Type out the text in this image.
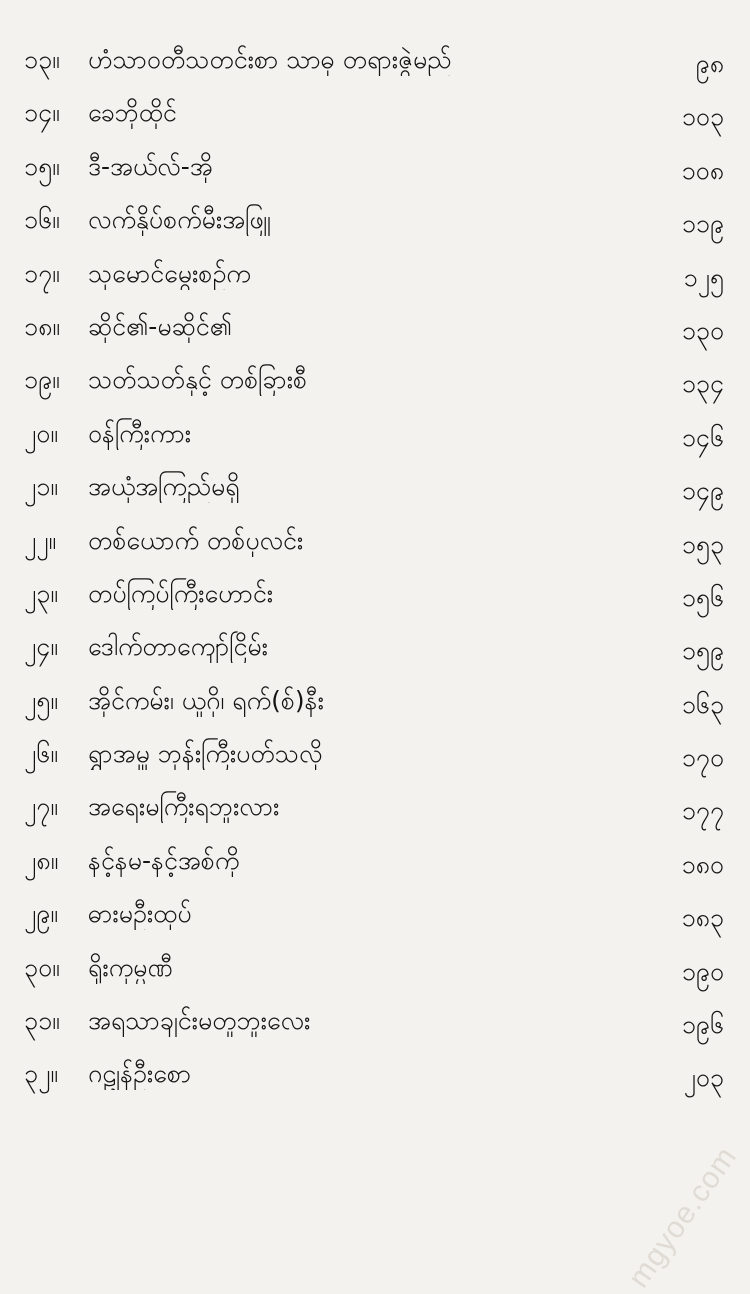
၁၃။	ဟံသာဝတီသတင်းစာ သာဓု တရားဇွဲမည်	၉၈
၁၄။	ခေဘိုထိုင်	၁၀၃
၁၅။	ဒီ-အယ်လ်-အို	၁၀၈
၁၆။	လက်နှိပ်စက်မီးအဖြူ	၁၁၉
၁၇။	သုမောင်မွေးစဉ်က	၁၂၅
၁၈။	ဆိုင်၏-မဆိုင်၏	၁၃၀
၁၉။	သတ်သတ်နှင့် တစ်ခြားစီ	၁၃၄
၂၀။	ဝန်ကြီးကား	၁၄၆
၂၁။	အယုံအကြည်မရှိ	၁၄၉
၂၂။	တစ်ယောက် တစ်ပုလင်း	၁၅၃
၂၃။	တပ်ကြပ်ကြီးဟောင်း	၁၅၆
၂၄။	ဒေါက်တာကျော်ငြိမ်း	၁၅၉
၂၅။	အိုင်ကမ်း၊ ယူဂို၊ ရက်(စ်)နီး	၁၆၃
၂၆။	ရွှာအမှူ ဘုန်းကြီးပတ်သလို	၁၇၀
၂၇။	အရေးမကြီးရဘူးလား	၁၇၇
၂၈။	နင့်နမ-နင့်အစ်ကို	၁၈၀
၂၉။	ဓားမဦးထုပ်	၁၈၃
၃၀။	ရိုးကုမ္ပဏီ	၁၉၀
၃၁။	အရသာချင်းမတူဘူးလေး	၁၉၆
၃၂။	ဂဠုန်ဦးစော	၂၀၃
mgyoe.com
